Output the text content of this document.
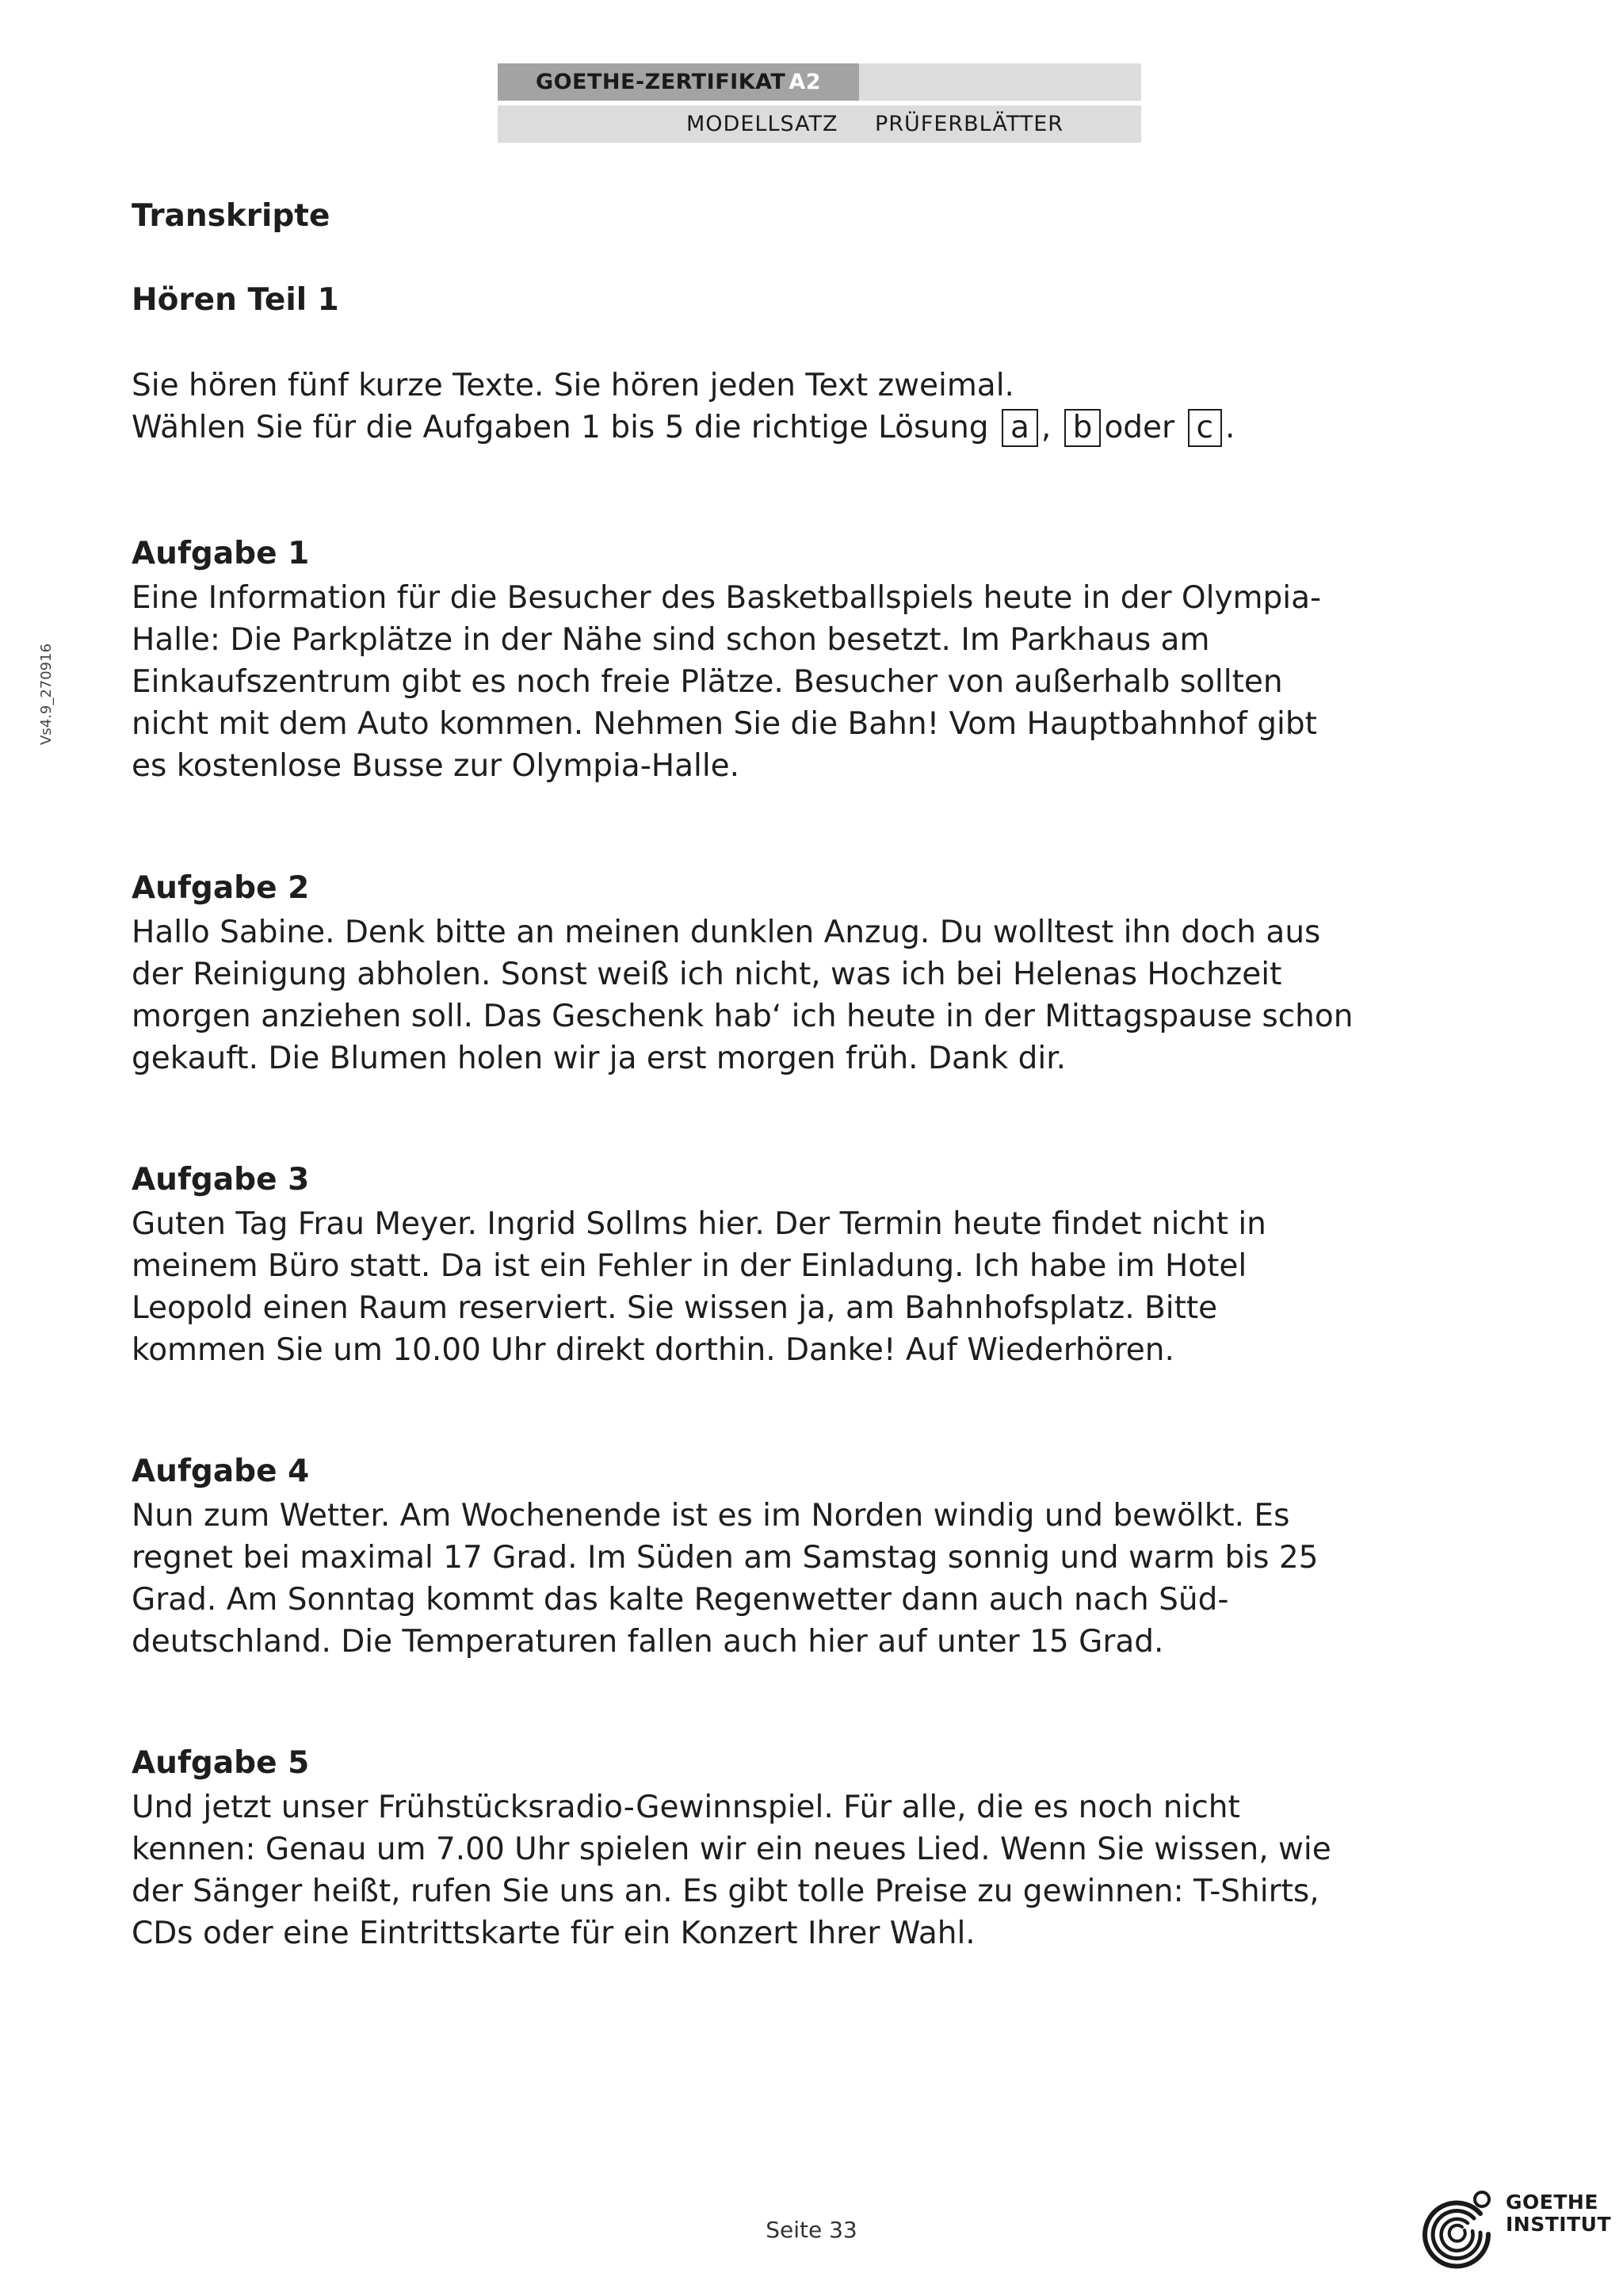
GOETHE-ZERTIFIKAT A2
MODELLSATZ PRÜFERBLÄTTER
Vs4.9_270916
Transkripte
Hören Teil 1
Sie hören fünf kurze Texte. Sie hören jeden Text zweimal.
Wählen Sie für die Aufgaben 1 bis 5 die richtige Lösung a , b oder c .
Aufgabe 1
Eine Information für die Besucher des Basketballspiels heute in der Olympia-
Halle: Die Parkplätze in der Nähe sind schon besetzt. Im Parkhaus am
Einkaufszentrum gibt es noch freie Plätze. Besucher von außerhalb sollten
nicht mit dem Auto kommen. Nehmen Sie die Bahn! Vom Hauptbahnhof gibt
es kostenlose Busse zur Olympia-Halle.
Aufgabe 2
Hallo Sabine. Denk bitte an meinen dunklen Anzug. Du wolltest ihn doch aus
der Reinigung abholen. Sonst weiß ich nicht, was ich bei Helenas Hochzeit
morgen anziehen soll. Das Geschenk hab‘ ich heute in der Mittagspause schon
gekauft. Die Blumen holen wir ja erst morgen früh. Dank dir.
Aufgabe 3
Guten Tag Frau Meyer. Ingrid Sollms hier. Der Termin heute findet nicht in
meinem Büro statt. Da ist ein Fehler in der Einladung. Ich habe im Hotel
Leopold einen Raum reserviert. Sie wissen ja, am Bahnhofsplatz. Bitte
kommen Sie um 10.00 Uhr direkt dorthin. Danke! Auf Wiederhören.
Aufgabe 4
Nun zum Wetter. Am Wochenende ist es im Norden windig und bewölkt. Es
regnet bei maximal 17 Grad. Im Süden am Samstag sonnig und warm bis 25
Grad. Am Sonntag kommt das kalte Regenwetter dann auch nach Süd-
deutschland. Die Temperaturen fallen auch hier auf unter 15 Grad.
Aufgabe 5
Und jetzt unser Frühstücksradio-Gewinnspiel. Für alle, die es noch nicht
kennen: Genau um 7.00 Uhr spielen wir ein neues Lied. Wenn Sie wissen, wie
der Sänger heißt, rufen Sie uns an. Es gibt tolle Preise zu gewinnen: T-Shirts,
CDs oder eine Eintrittskarte für ein Konzert Ihrer Wahl.
Seite 33
GOETHE
INSTITUT
